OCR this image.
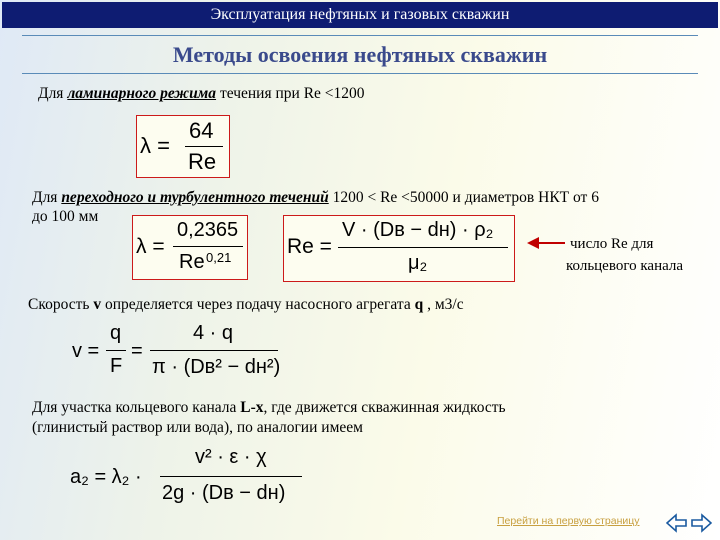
Эксплуатация нефтяных и газовых скважин
Методы освоения нефтяных скважин
Для ламинарного режима течения при Re <1200
λ =
64
Re
Для переходного и турбулентного течений 1200 < Re <50000 и диаметров НКТ от 6
до 100 мм
λ =
0,2365
Re 0,21	Re =
V · (Dв − dн) · ρ₂
μ₂
число Re для
кольцевого канала
Скорость v определяется через подачу насосного агрегата q , м3/с
v =
q
F
=
4 · q
π · (Dв² − dн²)
Для участка кольцевого канала L-x, где движется скважинная жидкость
(глинистый раствор или вода), по аналогии имеем
a₂ = λ₂ ·
v² · ε · χ
2g · (Dв − dн)
Перейти на первую страницу
